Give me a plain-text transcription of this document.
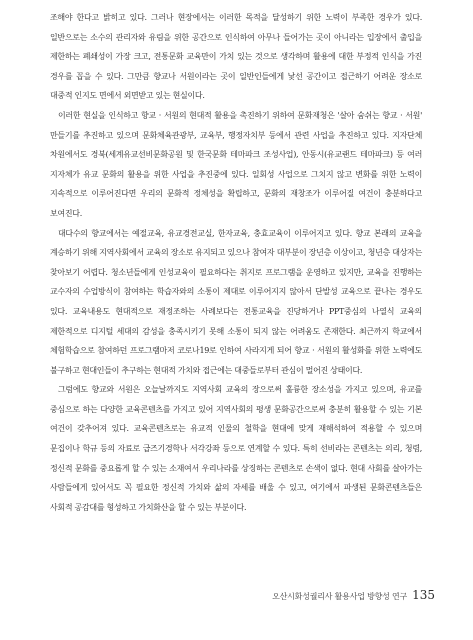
조해야 한다고 밝히고 있다. 그러나 현장에서는 이러한 목적을 달성하기 위한 노력이 부족한 경우가 있다. 일반으로는 소수의 관리자와 유림을 위한 공간으로 인식하여 아무나 들어가는 곳이 아니라는 입장에서 출입을 제한하는 폐쇄성이 가장 크고, 전통문화 교육만이 가치 있는 것으로 생각하며 활용에 대한 부정적 인식을 가진 경우를 꼽을 수 있다. 그만큼 향교나 서원이라는 곳이 일반인들에게 낯선 공간이고 접근하기 어려운 장소로 대중적 인지도 면에서 외면받고 있는 현실이다.

이러한 현실을 인식하고 향교 · 서원의 현대적 활용을 촉진하기 위하여 문화재청은 '살아 숨쉬는 향교 · 서원' 만들기를 추진하고 있으며 문화체육관광부, 교육부, 행정자치부 등에서 관련 사업을 추진하고 있다. 지자단체 차원에서도 경북(세계유교선비문화공원 및 한국문화 테마파크 조성사업), 안동시(유교랜드 테마파크) 등 여러 지자체가 유교 문화의 활용을 위한 사업을 추진중에 있다. 일회성 사업으로 그치지 않고 변화를 위한 노력이 지속적으로 이루어진다면 우리의 문화적 정체성을 확립하고, 문화의 재창조가 이루어질 여건이 충분하다고 보여진다.

대다수의 향교에서는 예절교육, 유교경전교실, 한자교육, 충효교육이 이루어지고 있다. 향교 본래의 교육을 계승하기 위해 지역사회에서 교육의 장소로 유지되고 있으나 참여자 대부분이 장년층 이상이고, 청년층 대상자는 찾아보기 어렵다. 청소년들에게 인성교육이 필요하다는 취지로 프로그램을 운영하고 있지만, 교육을 진행하는 교수자의 수업방식이 참여하는 학습자와의 소통이 제대로 이루어지지 않아서 단발성 교육으로 끝나는 경우도 있다. 교육내용도 현대적으로 재정조하는 사례보다는 전통교육을 진당하거나 PPT중심의 나열식 교육의 제한적으로 디지털 세대의 감성을 충족시키기 못해 소통이 되지 않는 어려움도 존재한다. 최근까지 학교에서 체험학습으로 참여하던 프로그램마저 코로나19로 인하여 사라지게 되어 향교 · 서원의 활성화를 위한 노력에도 불구하고 현대인들이 추구하는 현대적 가치와 접근에는 대중들로부터 관심이 멀어진 상태이다.

그럼에도 향교와 서원은 오늘날까지도 지역사회 교육의 장으로써 훌륭한 장소성을 가지고 있으며, 유교를 중심으로 하는 다양한 교육콘텐츠를 가지고 있어 지역사회의 평생 문화공간으로써 충분히 활용할 수 있는 기본 여건이 갖추어져 있다. 교육콘텐츠로는 유교적 인물의 철학을 현대에 맞게 재해석하여 적용할 수 있으며 문집이나 학규 등의 자료로 급즈기경학나 서각강좌 등으로 연계할 수 있다. 특히 선비라는 콘텐츠는 의리, 청렴, 정신적 문화를 중요롭게 할 수 있는 소재여서 우리나라를 상징하는 콘텐츠로 손색이 없다. 현대 사회를 살아가는 사람들에게 있어서도 꼭 필요한 정신적 가치와 삶의 자세를 배울 수 있고, 여기에서 파생된 문화콘텐츠들은 사회적 공감대를 형성하고 가치화산을 할 수 있는 부분이다.

오산시화성궐리사 활용사업 방향성 연구 135
